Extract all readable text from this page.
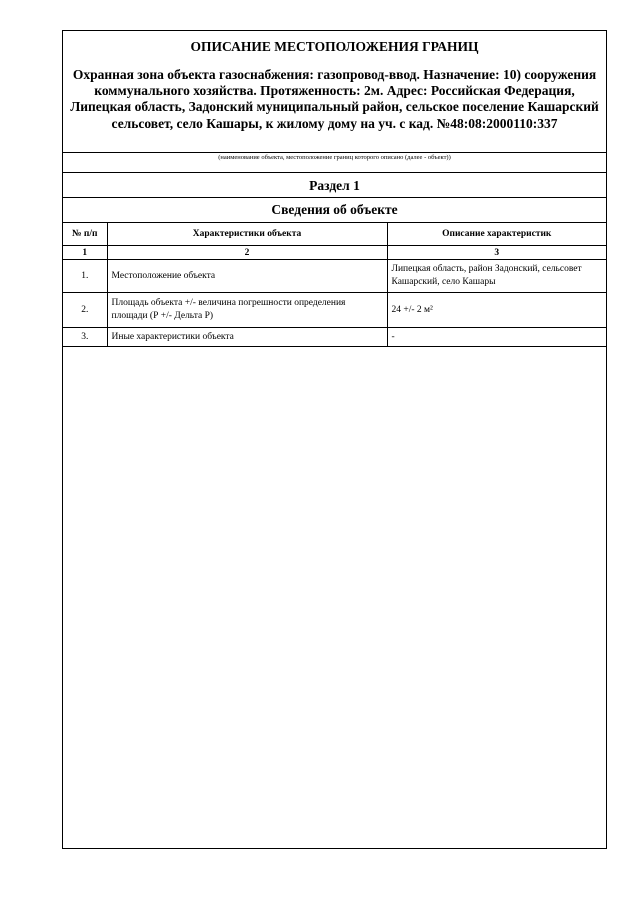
ОПИСАНИЕ МЕСТОПОЛОЖЕНИЯ ГРАНИЦ
Охранная зона объекта газоснабжения: газопровод-ввод. Назначение: 10) сооружения коммунального хозяйства. Протяженность: 2м. Адрес: Российская Федерация, Липецкая область, Задонский муниципальный район, сельское поселение Кашарский сельсовет, село Кашары, к жилому дому на уч. с кад. №48:08:2000110:337
(наименование объекта, местоположение границ которого описано (далее - объект))
Раздел 1
Сведения об объекте
№ п/п	Характеристики объекта	Описание характеристик
1	2	3
1.	Местоположение объекта	Липецкая область, район Задонский, сельсовет Кашарский, село Кашары
2.	Площадь объекта +/- величина погрешности определения площади (Р +/- Дельта Р)	24 +/- 2 м²
3.	Иные характеристики объекта	-
